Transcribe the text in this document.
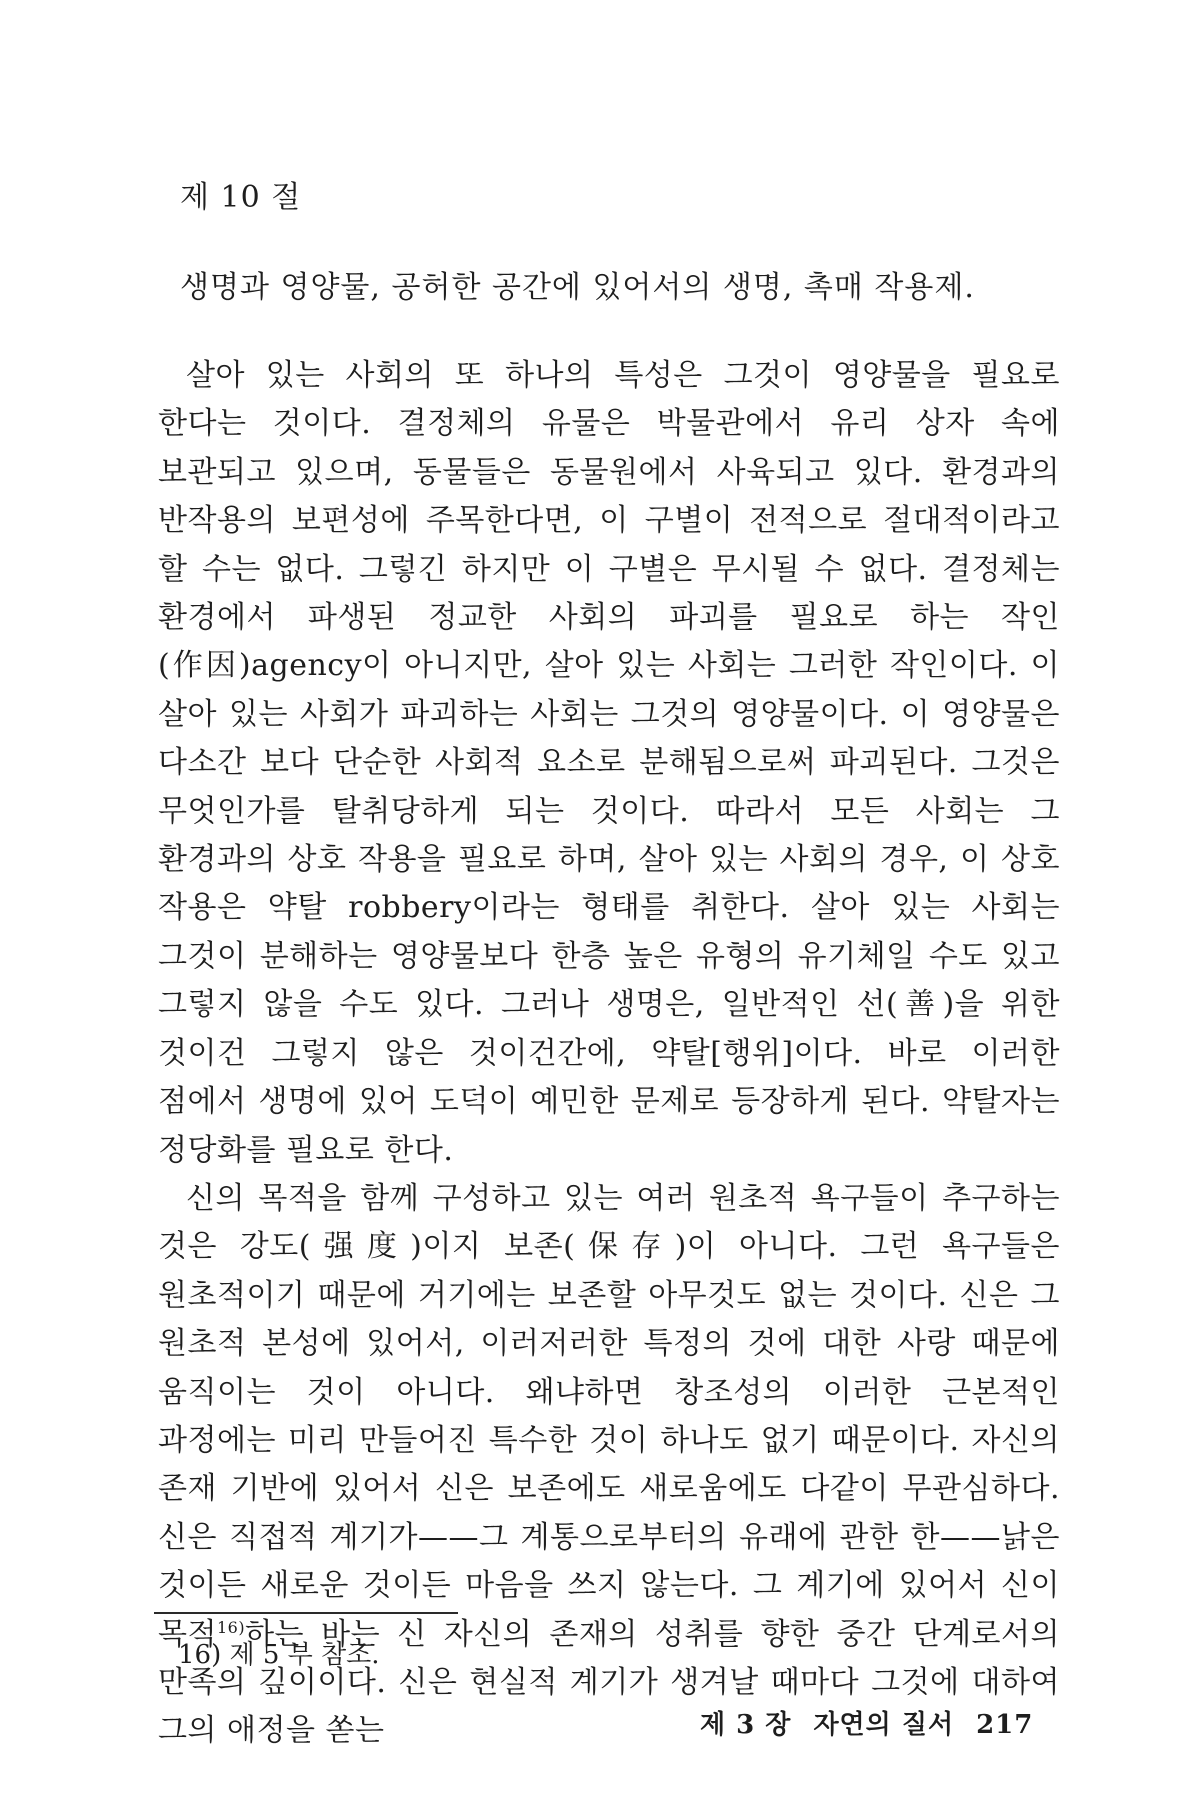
제 10 절
생명과 영양물, 공허한 공간에 있어서의 생명, 촉매 작용제.

살아 있는 사회의 또 하나의 특성은 그것이 영양물을 필요로 한다는 것이다. 결정체의 유물은 박물관에서 유리 상자 속에 보관되고 있으며, 동물들은 동물원에서 사육되고 있다. 환경과의 반작용의 보편성에 주목한다면, 이 구별이 전적으로 절대적이라고 할 수는 없다. 그렇긴 하지만 이 구별은 무시될 수 없다. 결정체는 환경에서 파생된 정교한 사회의 파괴를 필요로 하는 작인(作因)agency이 아니지만, 살아 있는 사회는 그러한 작인이다. 이 살아 있는 사회가 파괴하는 사회는 그것의 영양물이다. 이 영양물은 다소간 보다 단순한 사회적 요소로 분해됨으로써 파괴된다. 그것은 무엇인가를 탈취당하게 되는 것이다. 따라서 모든 사회는 그 환경과의 상호 작용을 필요로 하며, 살아 있는 사회의 경우, 이 상호 작용은 약탈 robbery이라는 형태를 취한다. 살아 있는 사회는 그것이 분해하는 영양물보다 한층 높은 유형의 유기체일 수도 있고 그렇지 않을 수도 있다. 그러나 생명은, 일반적인 선(善)을 위한 것이건 그렇지 않은 것이건간에, 약탈[행위]이다. 바로 이러한 점에서 생명에 있어 도덕이 예민한 문제로 등장하게 된다. 약탈자는 정당화를 필요로 한다.

신의 목적을 함께 구성하고 있는 여러 원초적 욕구들이 추구하는 것은 강도(强度)이지 보존(保存)이 아니다. 그런 욕구들은 원초적이기 때문에 거기에는 보존할 아무것도 없는 것이다. 신은 그 원초적 본성에 있어서, 이러저러한 특정의 것에 대한 사랑 때문에 움직이는 것이 아니다. 왜냐하면 창조성의 이러한 근본적인 과정에는 미리 만들어진 특수한 것이 하나도 없기 때문이다. 자신의 존재 기반에 있어서 신은 보존에도 새로움에도 다같이 무관심하다. 신은 직접적 계기가——그 계통으로부터의 유래에 관한 한——낡은 것이든 새로운 것이든 마음을 쓰지 않는다. 그 계기에 있어서 신이 목적$^{16)}$하는 바는 신 자신의 존재의 성취를 향한 중간 단계로서의 만족의 깊이이다. 신은 현실적 계기가 생겨날 때마다 그것에 대하여 그의 애정을 쏟는

16) 제 5 부 참조.

제 3 장 자연의 질서 217
